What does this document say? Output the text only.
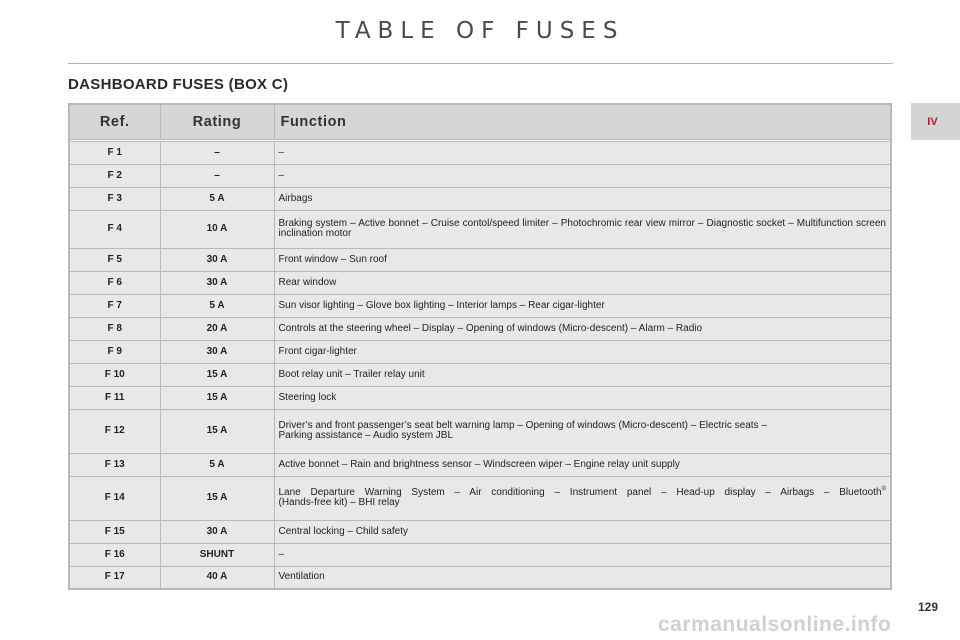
TABLE OF FUSES
DASHBOARD FUSES (BOX C)
IV
Ref.	Rating	Function

F 1	–	–
F 2	–	–
F 3	5 A	Airbags
F 4	10 A	Braking system – Active bonnet – Cruise contol/speed limiter – Photochromic rear view mirror – Diagnostic socket – Multifunction screen inclination motor
F 5	30 A	Front window – Sun roof
F 6	30 A	Rear window
F 7	5 A	Sun visor lighting – Glove box lighting – Interior lamps – Rear cigar-lighter
F 8	20 A	Controls at the steering wheel – Display – Opening of windows (Micro-descent) – Alarm – Radio
F 9	30 A	Front cigar-lighter
F 10	15 A	Boot relay unit – Trailer relay unit
F 11	15 A	Steering lock
F 12	15 A	Driver’s and front passenger’s seat belt warning lamp – Opening of windows (Micro-descent) – Electric seats –
Parking assistance – Audio system JBL
F 13	5 A	Active bonnet – Rain and brightness sensor – Windscreen wiper – Engine relay unit supply
F 14	15 A	Lane Departure Warning System – Air conditioning – Instrument panel – Head-up display – Airbags – Bluetooth®
(Hands-free kit) – BHI relay
F 15	30 A	Central locking – Child safety
F 16	SHUNT	–
F 17	40 A	Ventilation
129
carmanualsonline.info
